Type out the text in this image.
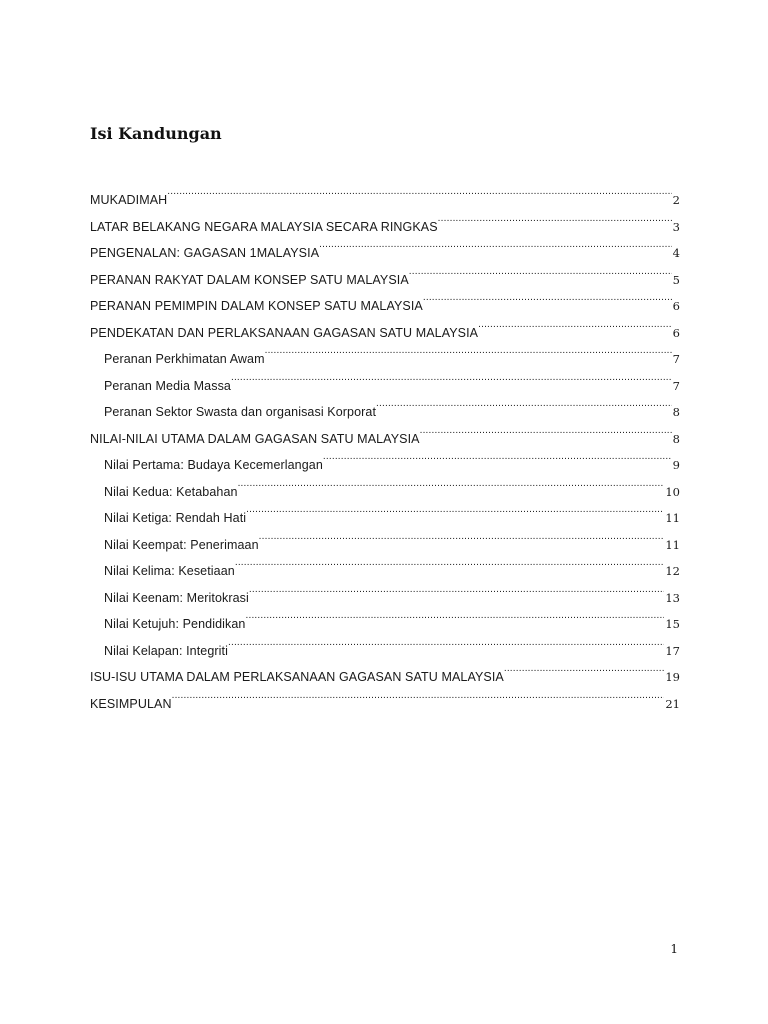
Isi Kandungan
MUKADIMAH .....	2
LATAR BELAKANG NEGARA MALAYSIA SECARA RINGKAS .....	3
PENGENALAN: GAGASAN 1MALAYSIA .....	4
PERANAN RAKYAT DALAM KONSEP SATU MALAYSIA .....	5
PERANAN PEMIMPIN DALAM KONSEP SATU MALAYSIA .....	6
PENDEKATAN DAN PERLAKSANAAN GAGASAN SATU MALAYSIA .....	6
Peranan Perkhimatan Awam .....	7
Peranan Media Massa .....	7
Peranan Sektor Swasta dan organisasi Korporat .....	8
NILAI-NILAI UTAMA DALAM GAGASAN SATU MALAYSIA .....	8
Nilai Pertama: Budaya Kecemerlangan .....	9
Nilai Kedua: Ketabahan .....	10
Nilai Ketiga: Rendah Hati .....	11
Nilai Keempat: Penerimaan .....	11
Nilai Kelima: Kesetiaan .....	12
Nilai Keenam: Meritokrasi .....	13
Nilai Ketujuh: Pendidikan .....	15
Nilai Kelapan: Integriti .....	17
ISU-ISU UTAMA DALAM PERLAKSANAAN GAGASAN SATU MALAYSIA .....	19
KESIMPULAN .....	21
1
